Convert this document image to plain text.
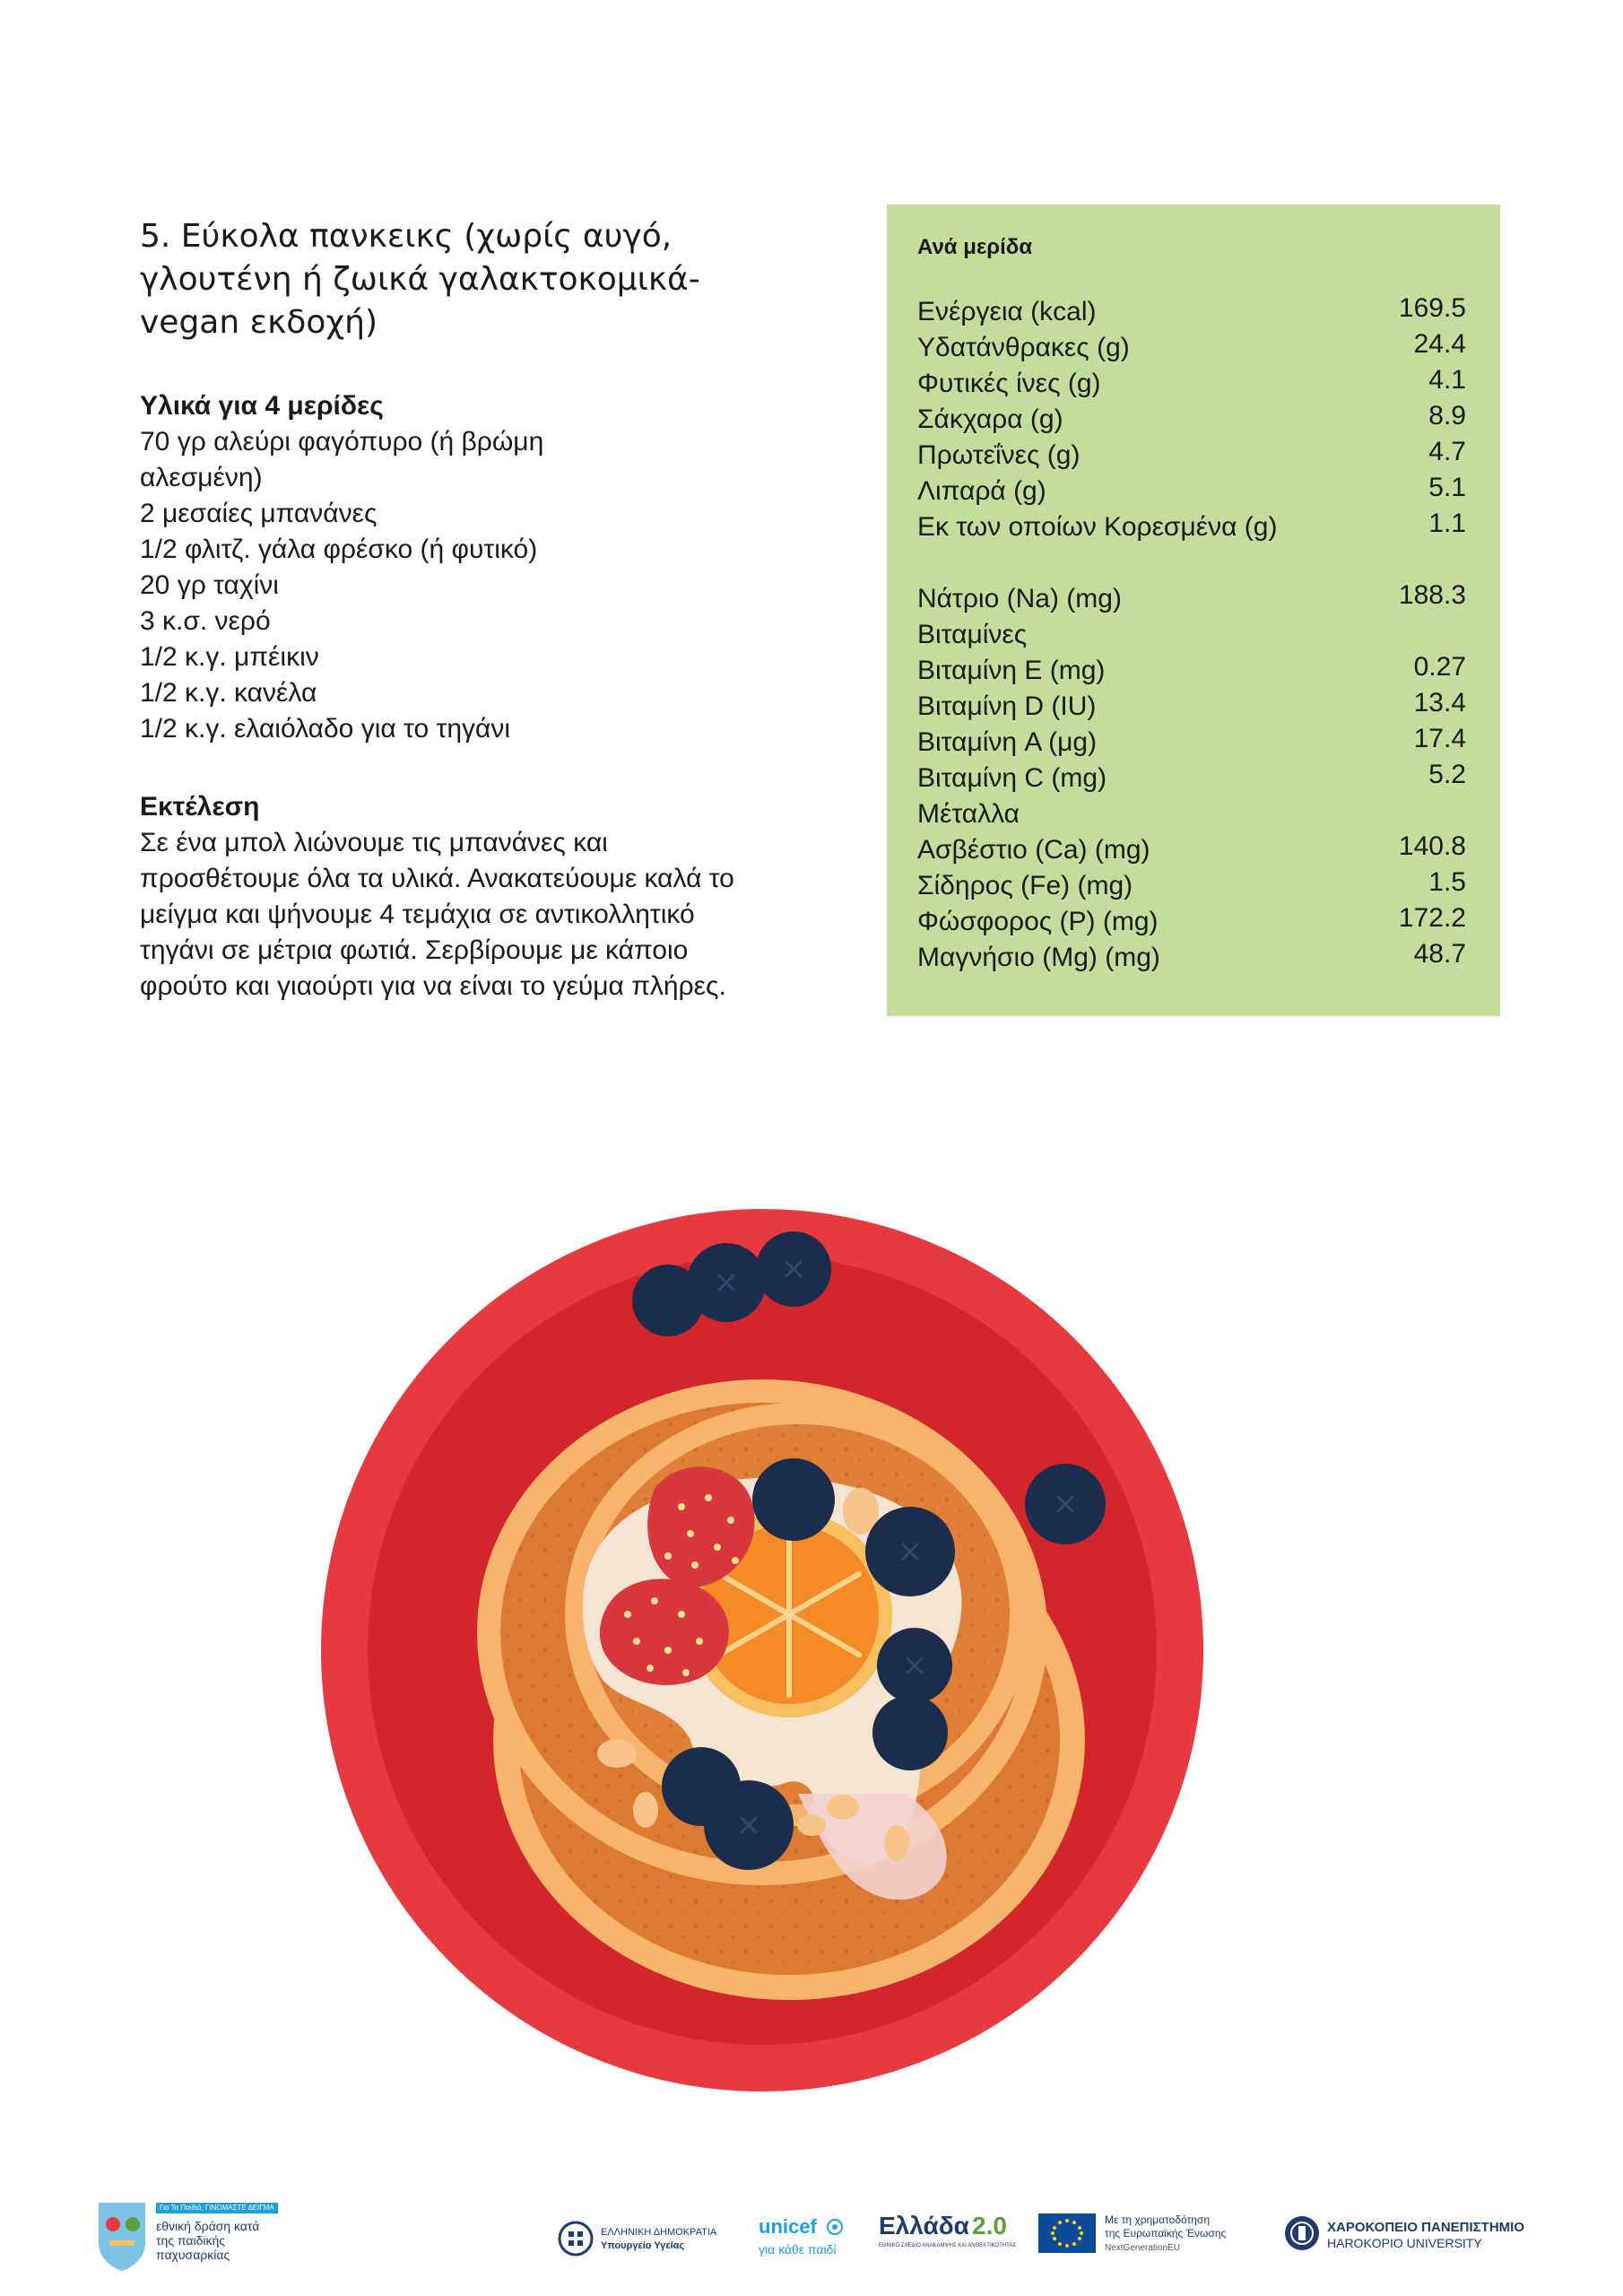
5. Εύκολα πανκεικς (χωρίς αυγό, γλουτένη ή ζωικά γαλακτοκομικά- vegan εκδοχή)
Υλικά για 4 μερίδες
70 γρ αλεύρι φαγόπυρο (ή βρώμη αλεσμένη)
2 μεσαίες μπανάνες
1/2 φλιτζ. γάλα φρέσκο (ή φυτικό)
20 γρ ταχίνι
3 κ.σ. νερό
1/2 κ.γ. μπέικιν
1/2 κ.γ. κανέλα
1/2 κ.γ. ελαιόλαδο για το τηγάνι
Εκτέλεση

Σε ένα μπολ λιώνουμε τις μπανάνες και προσθέτουμε όλα τα υλικά. Ανακατεύουμε καλά το μείγμα και ψήνουμε 4 τεμάχια σε αντικολλητικό τηγάνι σε μέτρια φωτιά. Σερβίρουμε με κάποιο φρούτο και γιαούρτι για να είναι το γεύμα πλήρες.

Ανά μερίδα
Ενέργεια (kcal)	169.5
Υδατάνθρακες (g)	24.4
Φυτικές ίνες (g)	4.1
Σάκχαρα (g)	8.9
Πρωτεΐνες (g)	4.7
Λιπαρά (g)	5.1
Εκ των οποίων Κορεσμένα (g)	1.1
Νάτριο (Na) (mg)	188.3
Βιταμίνες
Βιταμίνη E (mg)	0.27
Βιταμίνη D (IU)	13.4
Βιταμίνη A (μg)	17.4
Βιταμίνη C (mg)	5.2
Μέταλλα
Ασβέστιο (Ca) (mg)	140.8
Σίδηρος (Fe) (mg)	1.5
Φώσφορος (P) (mg)	172.2
Μαγνήσιο (Mg) (mg)	48.7
Για Τα Παιδιά, ΓΙΝΟΜΑΣΤΕ ΔΕΙΓΜΑ
εθνική δράση κατά της παιδικής παχυσαρκίας
ΕΛΛΗΝΙΚΗ ΔΗΜΟΚΡΑΤΙΑ
Υπουργείο Υγείας
unicef
για κάθε παιδί
Ελλάδα 2.0
ΕΘΝΙΚΟ ΣΧΕΔΙΟ ΑΝΑΚΑΜΨΗΣ ΚΑΙ ΑΝΘΕΚΤΙΚΟΤΗΤΑΣ
Με τη χρηματοδότηση
της Ευρωπαϊκής Ένωσης
NextGenerationEU
ΧΑΡΟΚΟΠΕΙΟ ΠΑΝΕΠΙΣΤΗΜΙΟ
HAROKOPIO UNIVERSITY
